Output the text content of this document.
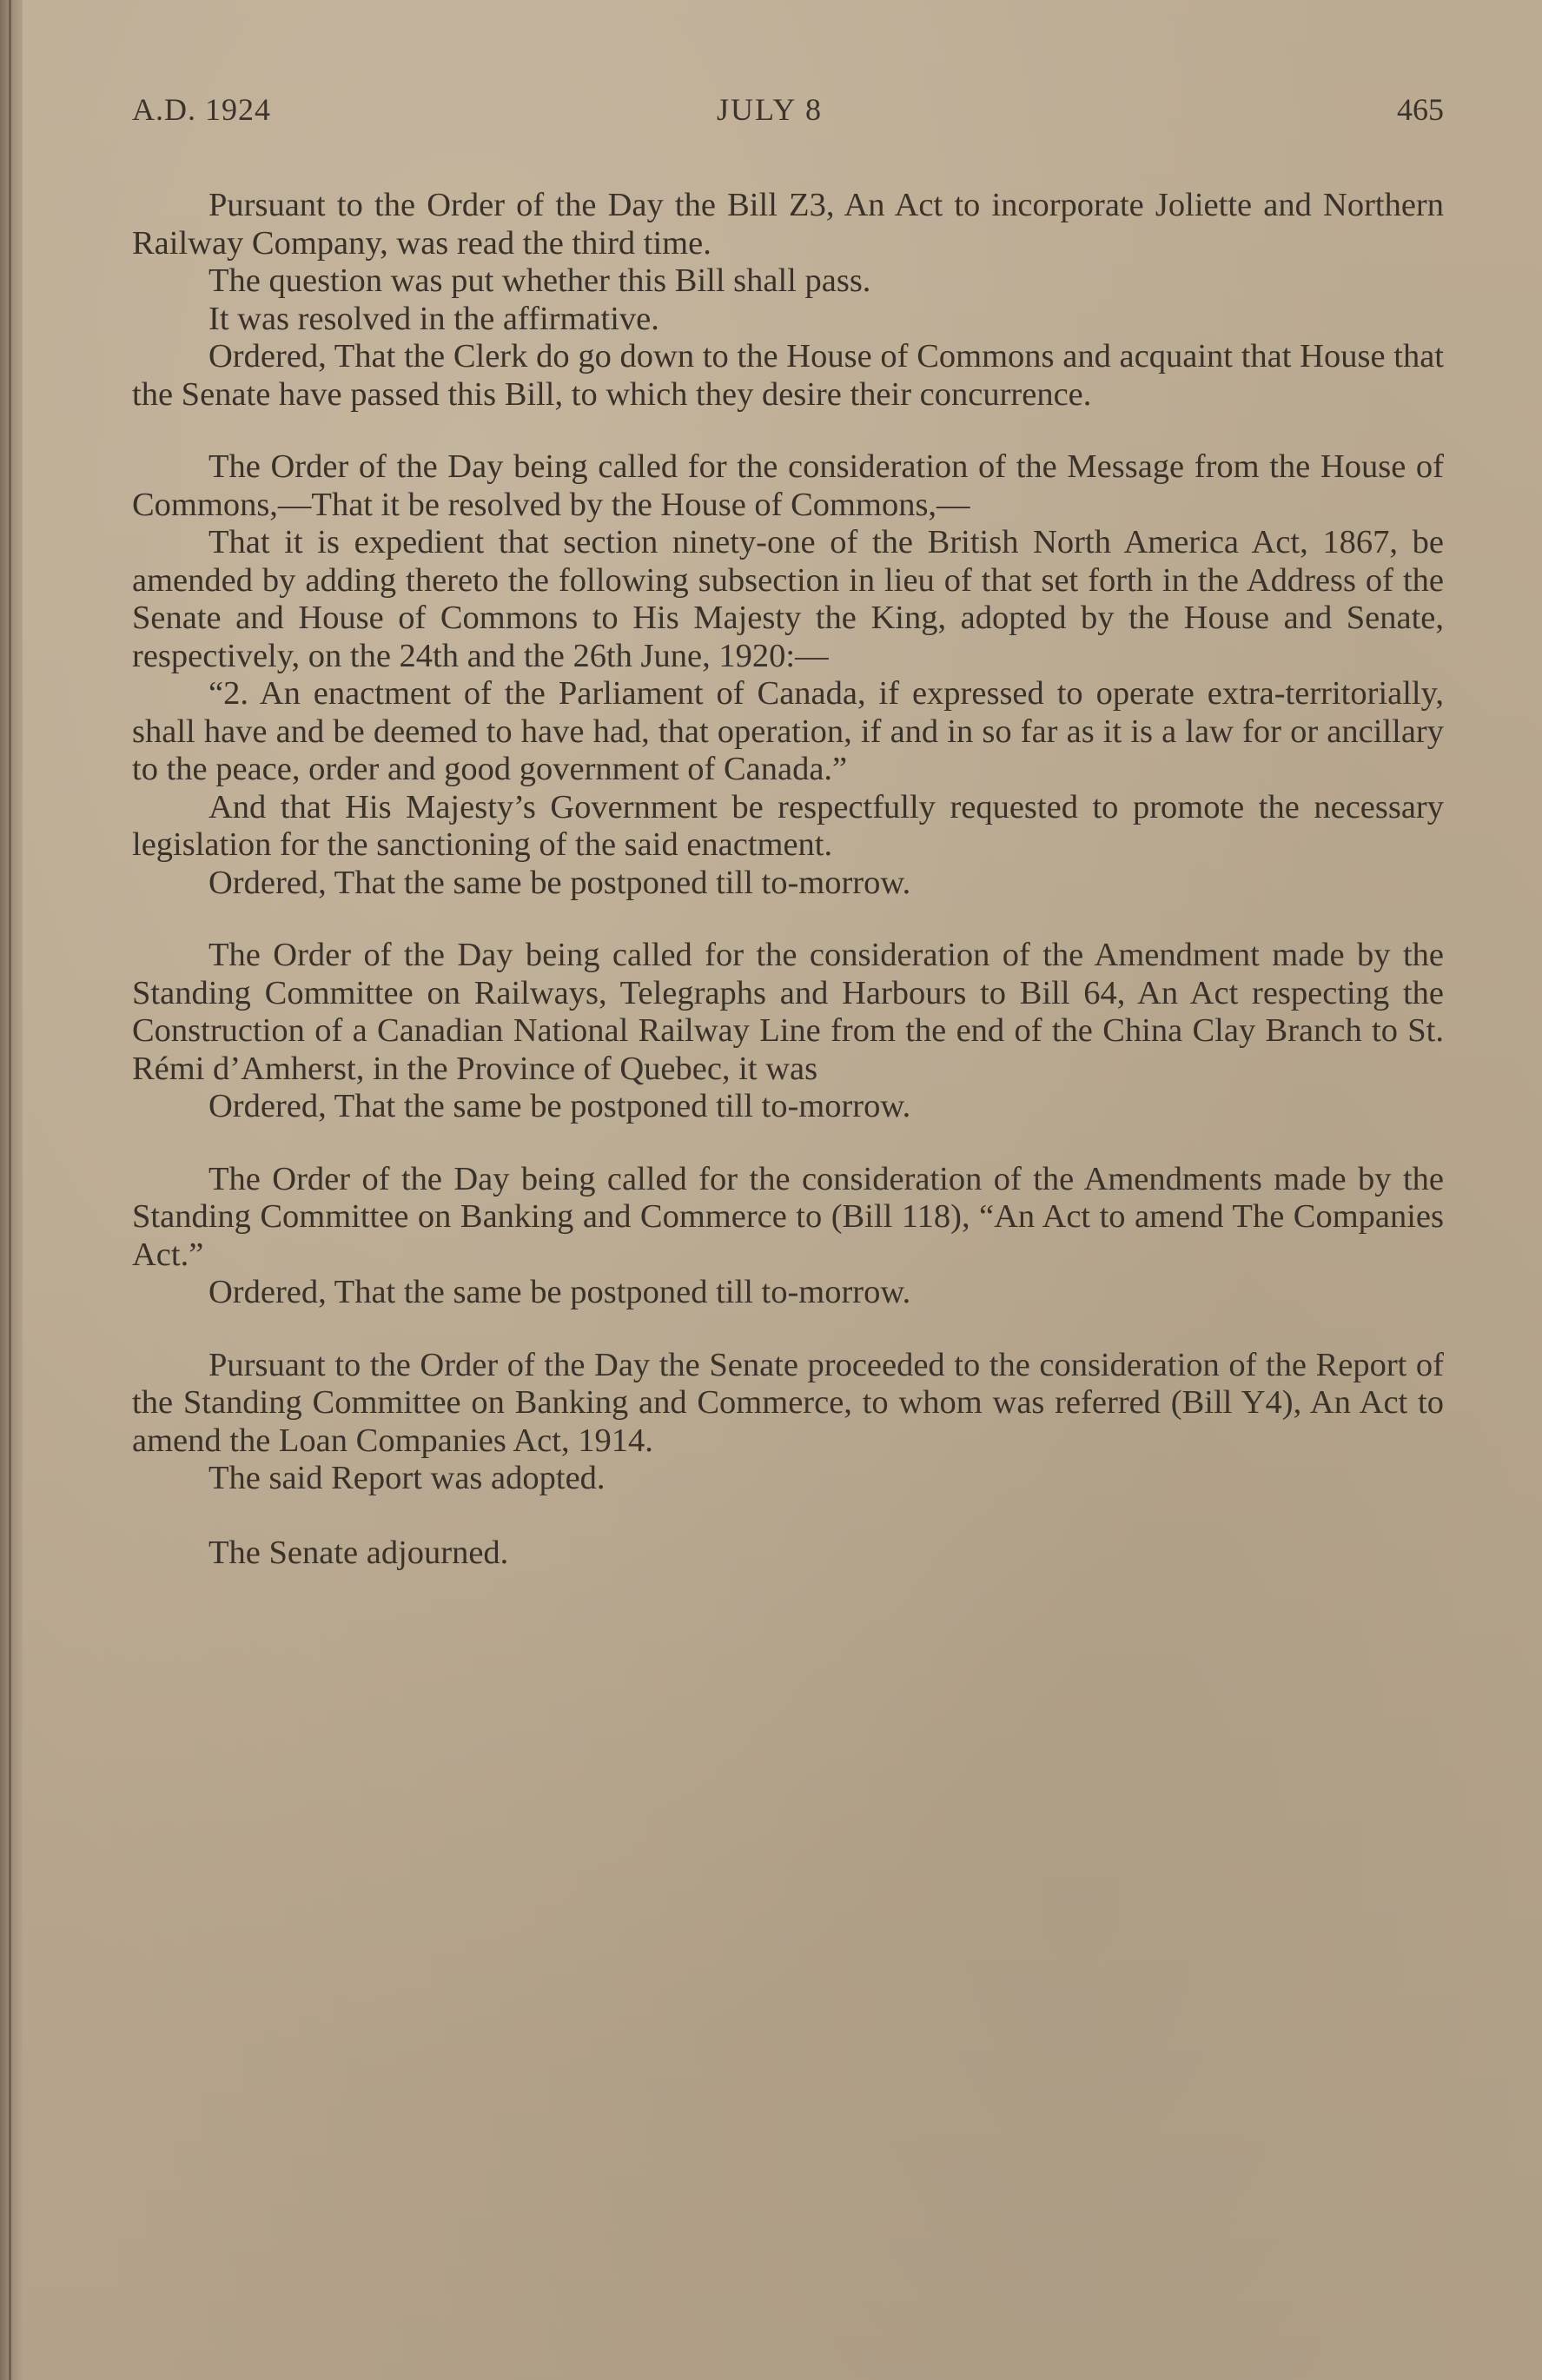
A.D. 1924	JULY 8	465

Pursuant to the Order of the Day the Bill Z3, An Act to incorporate Joliette and Northern Railway Company, was read the third time.

The question was put whether this Bill shall pass.

It was resolved in the affirmative.

Ordered, That the Clerk do go down to the House of Commons and acquaint that House that the Senate have passed this Bill, to which they desire their concurrence.

The Order of the Day being called for the consideration of the Message from the House of Commons,—That it be resolved by the House of Commons,—

That it is expedient that section ninety-one of the British North America Act, 1867, be amended by adding thereto the following subsection in lieu of that set forth in the Address of the Senate and House of Commons to His Majesty the King, adopted by the House and Senate, respectively, on the 24th and the 26th June, 1920:—

“2. An enactment of the Parliament of Canada, if expressed to operate extra-territorially, shall have and be deemed to have had, that operation, if and in so far as it is a law for or ancillary to the peace, order and good government of Canada.”

And that His Majesty’s Government be respectfully requested to promote the necessary legislation for the sanctioning of the said enactment.

Ordered, That the same be postponed till to-morrow.

The Order of the Day being called for the consideration of the Amendment made by the Standing Committee on Railways, Telegraphs and Harbours to Bill 64, An Act respecting the Construction of a Canadian National Railway Line from the end of the China Clay Branch to St. Rémi d’Amherst, in the Province of Quebec, it was

Ordered, That the same be postponed till to-morrow.

The Order of the Day being called for the consideration of the Amendments made by the Standing Committee on Banking and Commerce to (Bill 118), “An Act to amend The Companies Act.”

Ordered, That the same be postponed till to-morrow.

Pursuant to the Order of the Day the Senate proceeded to the consideration of the Report of the Standing Committee on Banking and Commerce, to whom was referred (Bill Y4), An Act to amend the Loan Companies Act, 1914.

The said Report was adopted.

The Senate adjourned.
